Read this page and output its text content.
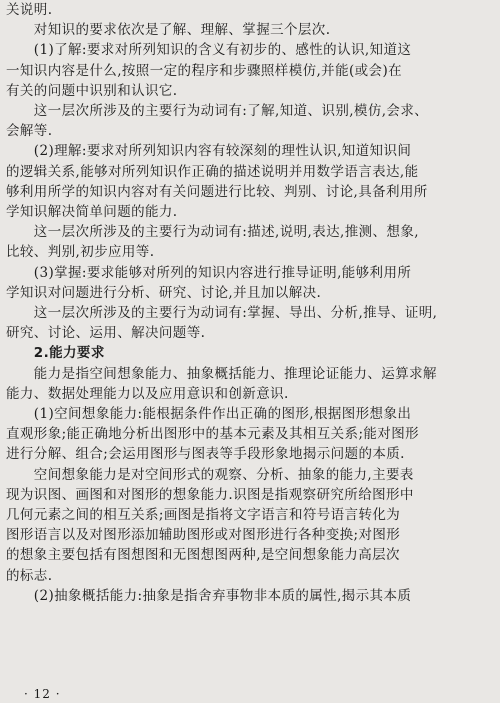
关说明.
　　对知识的要求依次是了解、理解、掌握三个层次.
　　(1)了解:要求对所列知识的含义有初步的、感性的认识,知道这
一知识内容是什么,按照一定的程序和步骤照样模仿,并能(或会)在
有关的问题中识别和认识它.
　　这一层次所涉及的主要行为动词有:了解,知道、识别,模仿,会求、
会解等.
　　(2)理解:要求对所列知识内容有较深刻的理性认识,知道知识间
的逻辑关系,能够对所列知识作正确的描述说明并用数学语言表达,能
够利用所学的知识内容对有关问题进行比较、判别、讨论,具备利用所
学知识解决简单问题的能力.
　　这一层次所涉及的主要行为动词有:描述,说明,表达,推测、想象,
比较、判别,初步应用等.
　　(3)掌握:要求能够对所列的知识内容进行推导证明,能够利用所
学知识对问题进行分析、研究、讨论,并且加以解决.
　　这一层次所涉及的主要行为动词有:掌握、导出、分析,推导、证明,
研究、讨论、运用、解决问题等.
　　2.能力要求
　　能力是指空间想象能力、抽象概括能力、推理论证能力、运算求解
能力、数据处理能力以及应用意识和创新意识.
　　(1)空间想象能力:能根据条件作出正确的图形,根据图形想象出
直观形象;能正确地分析出图形中的基本元素及其相互关系;能对图形
进行分解、组合;会运用图形与图表等手段形象地揭示问题的本质.
　　空间想象能力是对空间形式的观察、分析、抽象的能力,主要表
现为识图、画图和对图形的想象能力.识图是指观察研究所给图形中
几何元素之间的相互关系;画图是指将文字语言和符号语言转化为
图形语言以及对图形添加辅助图形或对图形进行各种变换;对图形
的想象主要包括有图想图和无图想图两种,是空间想象能力高层次
的标志.
　　(2)抽象概括能力:抽象是指舍弃事物非本质的属性,揭示其本质
· 12 ·
